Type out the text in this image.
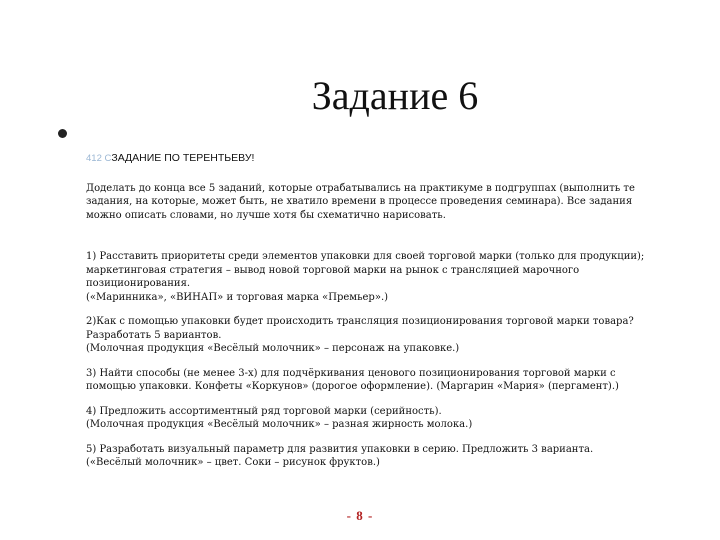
Задание 6

412 CЗАДАНИЕ ПО ТЕРЕНТЬЕВУ!

Доделать до конца все 5 заданий, которые отрабатывались на практикуме в подгруппах (выполнить те задания, на которые, может быть, не хватило времени в процессе проведения семинара). Все задания можно описать словами, но лучше хотя бы схематично нарисовать.

1) Расставить приоритеты среди элементов упаковки для своей торговой марки (только для продукции); маркетинговая стратегия – вывод новой торговой марки на рынок с трансляцией марочного позиционирования.

(«Маринника», «ВИНАП» и торговая марка «Премьер».)

2)Как с помощью упаковки будет происходить трансляция позиционирования торговой марки товара? Разработать 5 вариантов.

(Молочная продукция «Весёлый молочник» – персонаж на упаковке.)

3) Найти способы (не менее 3-х) для подчёркивания ценового позиционирования торговой марки с помощью упаковки. Конфеты «Коркунов» (дорогое оформление). (Маргарин «Мария» (пергамент).)

4) Предложить ассортиментный ряд торговой марки (серийность).

(Молочная продукция «Весёлый молочник» – разная жирность молока.)

5) Разработать визуальный параметр для развития упаковки в серию. Предложить 3 варианта.

(«Весёлый молочник» – цвет. Соки – рисунок фруктов.)

- 8 -
